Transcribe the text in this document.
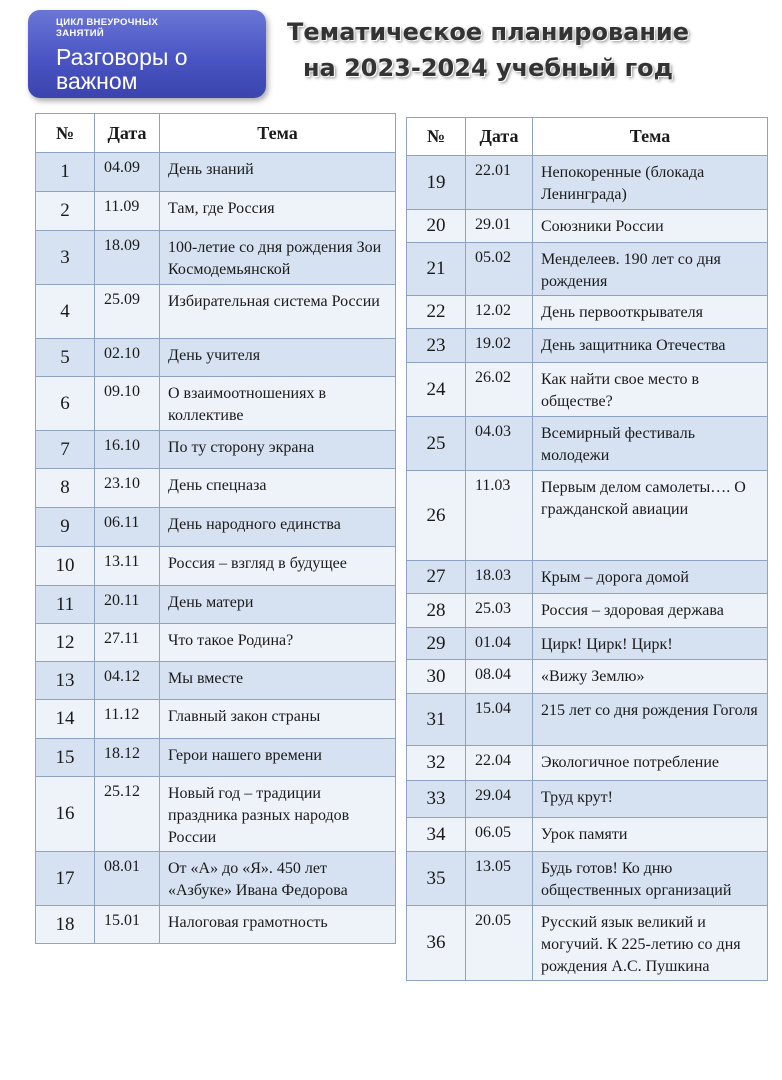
ЦИКЛ ВНЕУРОЧНЫХ ЗАНЯТИЙ
Разговоры о важном
Тематическое планирование
на 2023-2024 учебный год
№	Дата	Тема
1	04.09	День знаний
2	11.09	Там, где Россия
3	18.09	100-летие со дня рождения Зои Космодемьянской
4	25.09	Избирательная система России
5	02.10	День учителя
6	09.10	О взаимоотношениях в коллективе
7	16.10	По ту сторону экрана
8	23.10	День спецназа
9	06.11	День народного единства
10	13.11	Россия – взгляд в будущее
11	20.11	День матери
12	27.11	Что такое Родина?
13	04.12	Мы вместе
14	11.12	Главный закон страны
15	18.12	Герои нашего времени
16	25.12	Новый год – традиции праздника разных народов России
17	08.01	От «А» до «Я». 450 лет «Азбуке» Ивана Федорова
18	15.01	Налоговая грамотность
№	Дата	Тема
19	22.01	Непокоренные (блокада Ленинграда)
20	29.01	Союзники России
21	05.02	Менделеев. 190 лет со дня рождения
22	12.02	День первооткрывателя
23	19.02	День защитника Отечества
24	26.02	Как найти свое место в обществе?
25	04.03	Всемирный фестиваль молодежи
26	11.03	Первым делом самолеты…. О гражданской авиации
27	18.03	Крым – дорога домой
28	25.03	Россия – здоровая держава
29	01.04	Цирк! Цирк! Цирк!
30	08.04	«Вижу Землю»
31	15.04	215 лет со дня рождения Гоголя
32	22.04	Экологичное потребление
33	29.04	Труд крут!
34	06.05	Урок памяти
35	13.05	Будь готов! Ко дню общественных организаций
36	20.05	Русский язык великий и могучий. К 225-летию со дня рождения А.С. Пушкина
